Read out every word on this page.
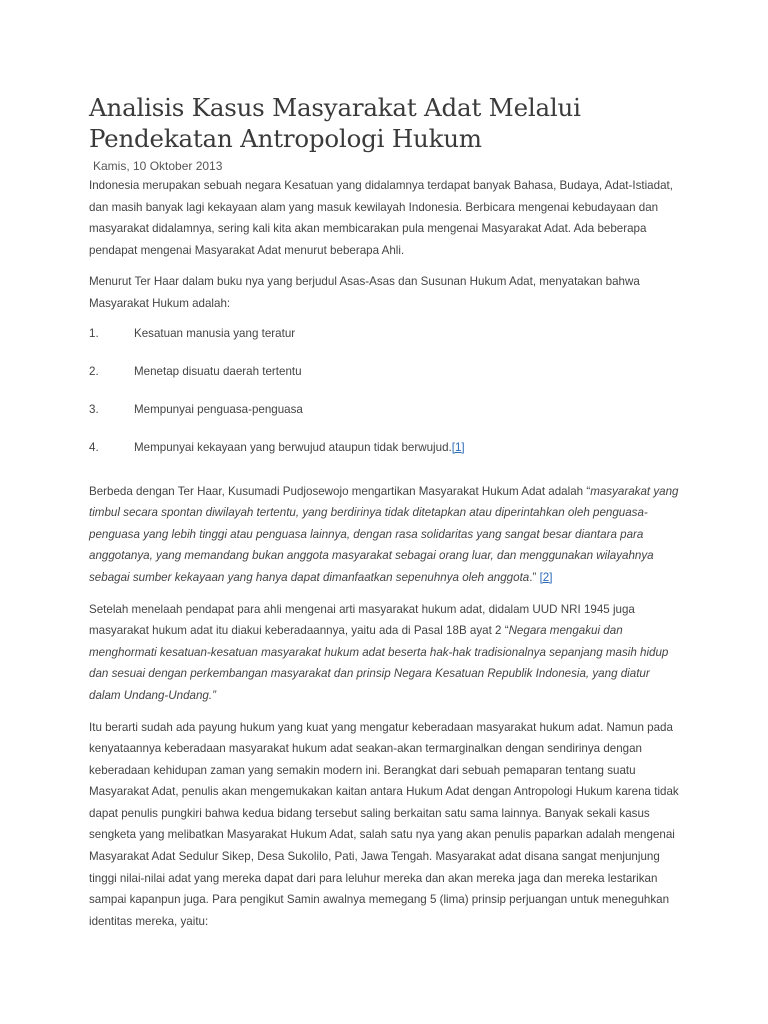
Analisis Kasus Masyarakat Adat Melalui
Pendekatan Antropologi Hukum
Kamis, 10 Oktober 2013

Indonesia merupakan sebuah negara Kesatuan yang didalamnya terdapat banyak Bahasa, Budaya, Adat-Istiadat, dan masih banyak lagi kekayaan alam yang masuk kewilayah Indonesia. Berbicara mengenai kebudayaan dan masyarakat didalamnya, sering kali kita akan membicarakan pula mengenai Masyarakat Adat. Ada beberapa pendapat mengenai Masyarakat Adat menurut beberapa Ahli.

Menurut Ter Haar dalam buku nya yang berjudul Asas-Asas dan Susunan Hukum Adat, menyatakan bahwa Masyarakat Hukum adalah:

1.	Kesatuan manusia yang teratur
2.	Menetap disuatu daerah tertentu
3.	Mempunyai penguasa-penguasa
4.	Mempunyai kekayaan yang berwujud ataupun tidak berwujud.[1]

Berbeda dengan Ter Haar, Kusumadi Pudjosewojo mengartikan Masyarakat Hukum Adat adalah “masyarakat yang timbul secara spontan diwilayah tertentu, yang berdirinya tidak ditetapkan atau diperintahkan oleh penguasa-penguasa yang lebih tinggi atau penguasa lainnya, dengan rasa solidaritas yang sangat besar diantara para anggotanya, yang memandang bukan anggota masyarakat sebagai orang luar, dan menggunakan wilayahnya sebagai sumber kekayaan yang hanya dapat dimanfaatkan sepenuhnya oleh anggota.” [2]

Setelah menelaah pendapat para ahli mengenai arti masyarakat hukum adat, didalam UUD NRI 1945 juga masyarakat hukum adat itu diakui keberadaannya, yaitu ada di Pasal 18B ayat 2 “Negara mengakui dan menghormati kesatuan-kesatuan masyarakat hukum adat beserta hak-hak tradisionalnya sepanjang masih hidup dan sesuai dengan perkembangan masyarakat dan prinsip Negara Kesatuan Republik Indonesia, yang diatur dalam Undang-Undang.”

Itu berarti sudah ada payung hukum yang kuat yang mengatur keberadaan masyarakat hukum adat. Namun pada kenyataannya keberadaan masyarakat hukum adat seakan-akan termarginalkan dengan sendirinya dengan keberadaan kehidupan zaman yang semakin modern ini. Berangkat dari sebuah pemaparan tentang suatu Masyarakat Adat, penulis akan mengemukakan kaitan antara Hukum Adat dengan Antropologi Hukum karena tidak dapat penulis pungkiri bahwa kedua bidang tersebut saling berkaitan satu sama lainnya. Banyak sekali kasus sengketa yang melibatkan Masyarakat Hukum Adat, salah satu nya yang akan penulis paparkan adalah mengenai Masyarakat Adat Sedulur Sikep, Desa Sukolilo, Pati, Jawa Tengah. Masyarakat adat disana sangat menjunjung tinggi nilai-nilai adat yang mereka dapat dari para leluhur mereka dan akan mereka jaga dan mereka lestarikan sampai kapanpun juga. Para pengikut Samin awalnya memegang 5 (lima) prinsip perjuangan untuk meneguhkan identitas mereka, yaitu:
